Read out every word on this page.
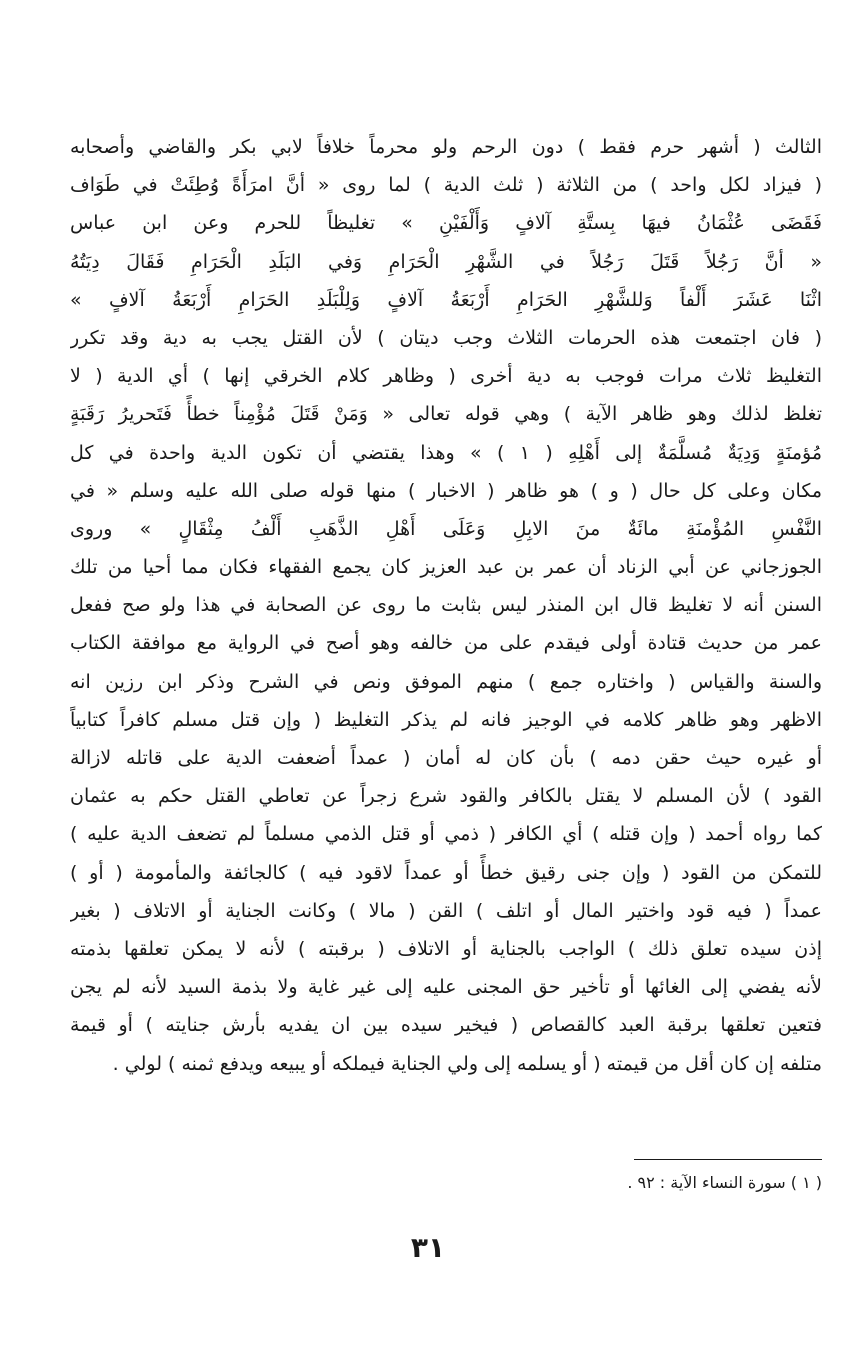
الثالث ( أشهر حرم فقط ) دون الرحم ولو محرماً خلافاً لابي بكر والقاضي وأصحابه
( فيزاد لكل واحد ) من الثلاثة ( ثلث الدية ) لما روى « أنَّ امرَأَةً وُطِئَتْ في طَوَاف
فَقَضَى عُثْمَانُ فيهَا بِستَّةِ آلافٍ وَأَلْفَيْنِ » تغليظاً للحرم وعن ابن عباس
« أنَّ رَجُلاً قَتَلَ رَجُلاً في الشَّهْرِ الْحَرَامِ وَفي البَلَدِ الْحَرَامِ فَقَالَ دِيَتُهُ
اثْنَا عَشَرَ أَلْفاً وَللشَّهْرِ الحَرَامِ أَرْبَعَةُ آلافٍ وَلِلْبَلَدِ الحَرَامِ أَرْبَعَةُ آلافٍ »
( فان اجتمعت هذه الحرمات الثلاث وجب ديتان ) لأن القتل يجب به دية وقد تكرر
التغليظ ثلاث مرات فوجب به دية أخرى ( وظاهر كلام الخرقي إنها ) أي الدية ( لا
تغلظ لذلك وهو ظاهر الآية ) وهي قوله تعالى « وَمَنْ قَتَلَ مُؤْمِناً خطأً فَتَحريرُ رَقَبَةٍ
مُؤمنَةٍ وَدِيَةٌ مُسلَّمَةٌ إلى أَهْلِهِ ( ١ ) » وهذا يقتضي أن تكون الدية واحدة في كل
مكان وعلى كل حال ( و ) هو ظاهر ( الاخبار ) منها قوله صلى الله عليه وسلم « في
النَّفْسِ المُؤْمنَةِ مائَةٌ منَ الابِلِ وَعَلَى أَهْلِ الذَّهَبِ أَلْفُ مِثْقَالٍ » وروى
الجوزجاني عن أبي الزناد أن عمر بن عبد العزيز كان يجمع الفقهاء فكان مما أحيا من تلك
السنن أنه لا تغليظ قال ابن المنذر ليس بثابت ما روى عن الصحابة في هذا ولو صح ففعل
عمر من حديث قتادة أولى فيقدم على من خالفه وهو أصح في الرواية مع موافقة الكتاب
والسنة والقياس ( واختاره جمع ) منهم الموفق ونص في الشرح وذكر ابن رزين انه
الاظهر وهو ظاهر كلامه في الوجيز فانه لم يذكر التغليظ ( وإن قتل مسلم كافراً كتابياً
أو غيره حيث حقن دمه ) بأن كان له أمان ( عمداً أضعفت الدية على قاتله لازالة
القود ) لأن المسلم لا يقتل بالكافر والقود شرع زجراً عن تعاطي القتل حكم به عثمان
كما رواه أحمد ( وإن قتله ) أي الكافر ( ذمي أو قتل الذمي مسلماً لم تضعف الدية عليه )
للتمكن من القود ( وإن جنى رقيق خطأً أو عمداً لاقود فيه ) كالجائفة والمأمومة ( أو )
عمداً ( فيه قود واختير المال أو اتلف ) القن ( مالا ) وكانت الجناية أو الاتلاف ( بغير
إذن سيده تعلق ذلك ) الواجب بالجناية أو الاتلاف ( برقبته ) لأنه لا يمكن تعلقها بذمته
لأنه يفضي إلى الغائها أو تأخير حق المجنى عليه إلى غير غاية ولا بذمة السيد لأنه لم يجن
فتعين تعلقها برقبة العبد كالقصاص ( فيخير سيده بين ان يفديه بأرش جنايته ) أو قيمة
متلفه إن كان أقل من قيمته ( أو يسلمه إلى ولي الجناية فيملكه أو يبيعه ويدفع ثمنه ) لولي .
( ١ ) سورة النساء الآية : ٩٢ .
٣١
